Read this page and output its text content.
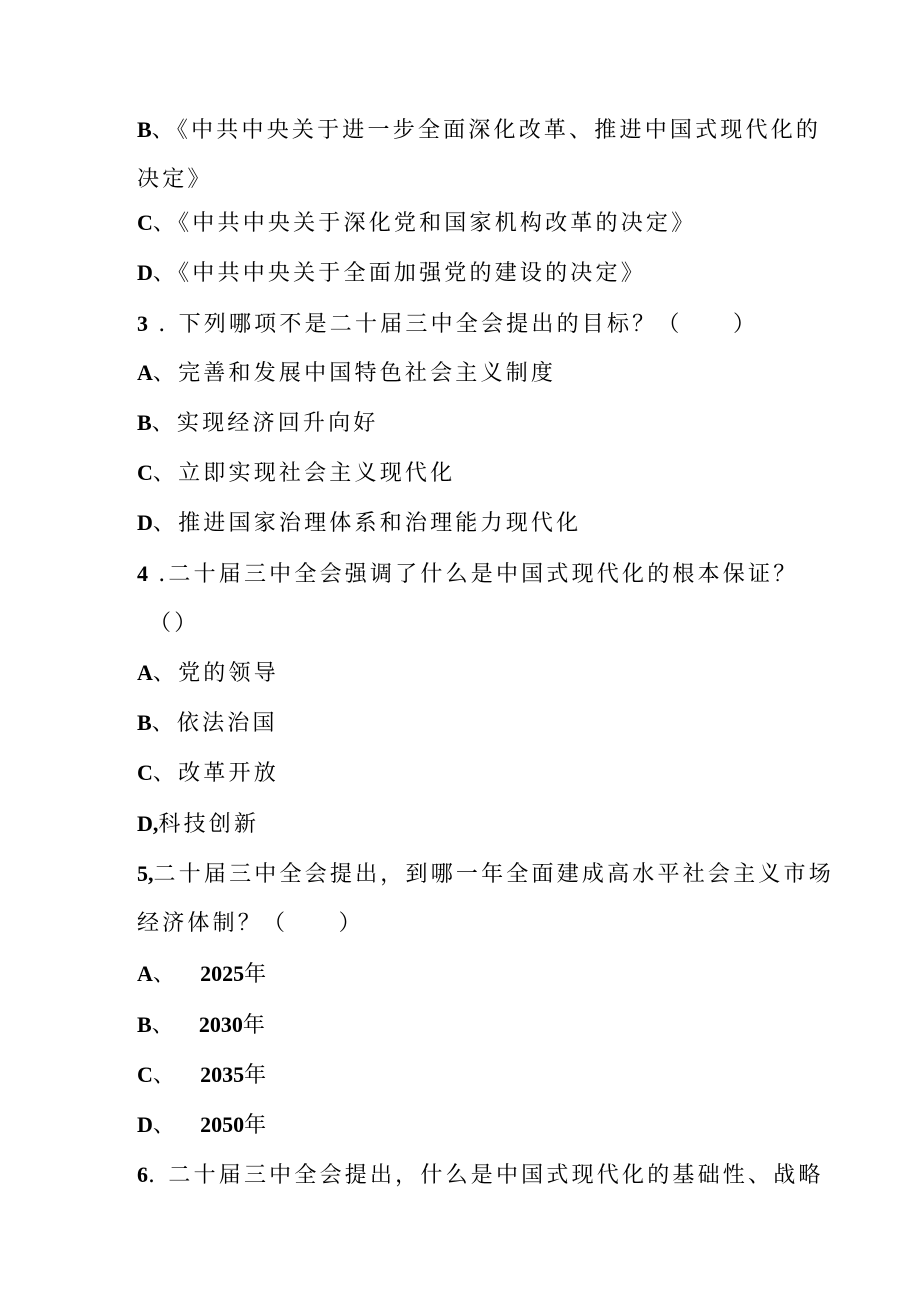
B、《中共中央关于进一步全面深化改革、推进中国式现代化的
决定》
C、《中共中央关于深化党和国家机构改革的决定》
D、《中共中央关于全面加强党的建设的决定》
3 . 下列哪项不是二十届三中全会提出的目标？（　　）
A、完善和发展中国特色社会主义制度
B、实现经济回升向好
C、立即实现社会主义现代化
D、推进国家治理体系和治理能力现代化
4 .二十届三中全会强调了什么是中国式现代化的根本保证？
（）
A、党的领导
B、依法治国
C、改革开放
D,科技创新
5,二十届三中全会提出，到哪一年全面建成高水平社会主义市场
经济体制？（　　）
A、 2025年
B、 2030年
C、 2035年
D、 2050年
6. 二十届三中全会提出，什么是中国式现代化的基础性、战略
